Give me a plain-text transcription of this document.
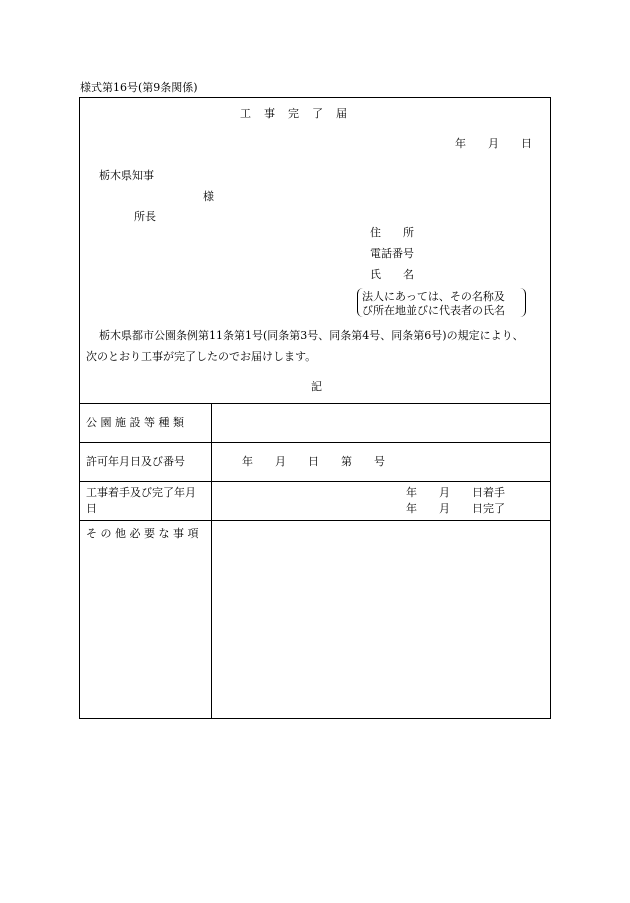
様式第16号(第9条関係)
工　事　完　了　届
年　　月　　日
栃木県知事
様
所長
住　　所
電話番号
氏　　名
法人にあっては、その名称及
び所在地並びに代表者の氏名
栃木県都市公園条例第11条第1号(同条第3号、同条第4号、同条第6号)の規定により、
次のとおり工事が完了したのでお届けします。
記
公 園 施 設 等 種 類
許可年月日及び番号	年　　月　　日　　第　　号
工事着手及び完了年月
日
年　　月　　日着手
年　　月　　日完了
そ の 他 必 要 な 事 項
